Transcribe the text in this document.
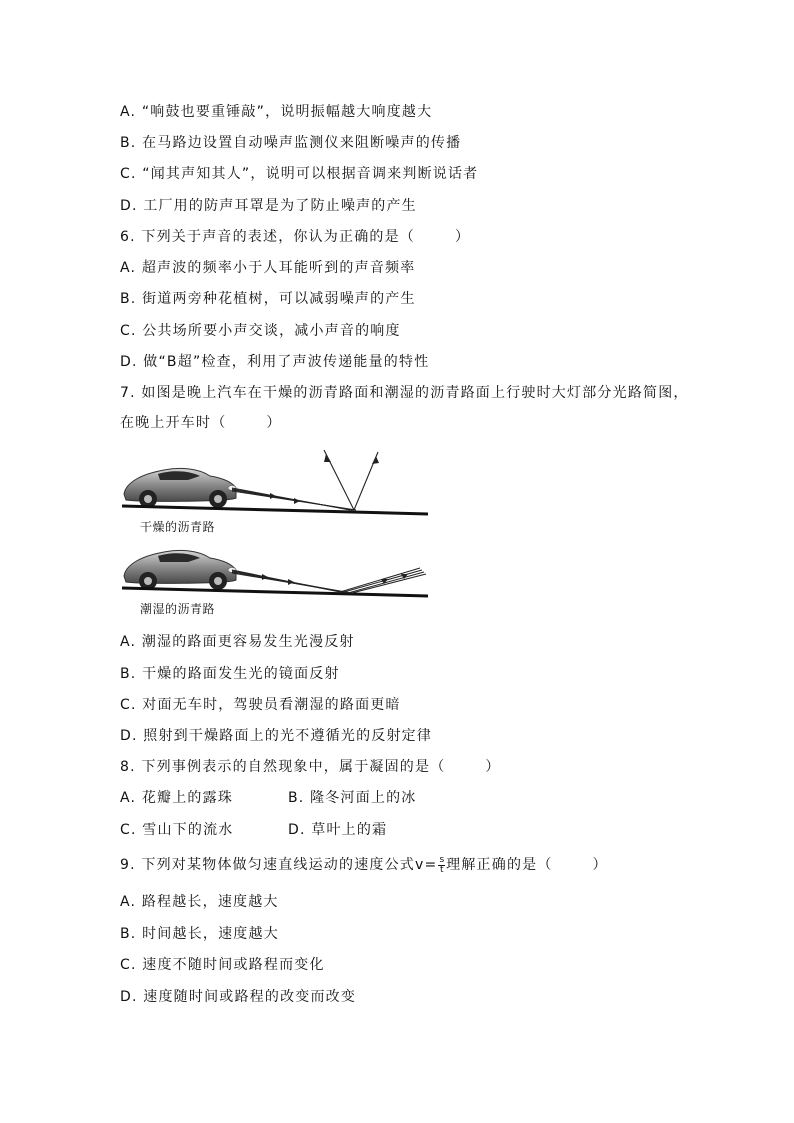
A. “响鼓也要重锤敲”，说明振幅越大响度越大
B. 在马路边设置自动噪声监测仪来阻断噪声的传播
C. “闻其声知其人”，说明可以根据音调来判断说话者
D. 工厂用的防声耳罩是为了防止噪声的产生
6. 下列关于声音的表述，你认为正确的是（	）
A. 超声波的频率小于人耳能听到的声音频率
B. 街道两旁种花植树，可以减弱噪声的产生
C. 公共场所要小声交谈，减小声音的响度
D. 做“B超”检查，利用了声波传递能量的特性
7. 如图是晚上汽车在干燥的沥青路面和潮湿的沥青路面上行驶时大灯部分光路简图，
在晚上开车时（	）
干燥的沥青路
潮湿的沥青路
A. 潮湿的路面更容易发生光漫反射
B. 干燥的路面发生光的镜面反射
C. 对面无车时，驾驶员看潮湿的路面更暗
D. 照射到干燥路面上的光不遵循光的反射定律
8. 下列事例表示的自然现象中，属于凝固的是（	）
A. 花瓣上的露珠	B. 隆冬河面上的冰
C. 雪山下的流水	D. 草叶上的霜
9. 下列对某物体做匀速直线运动的速度公式$v= \frac{s}{t}$ 理解正确的是（	）
A. 路程越长，速度越大
B. 时间越长，速度越大
C. 速度不随时间或路程而变化
D. 速度随时间或路程的改变而改变
